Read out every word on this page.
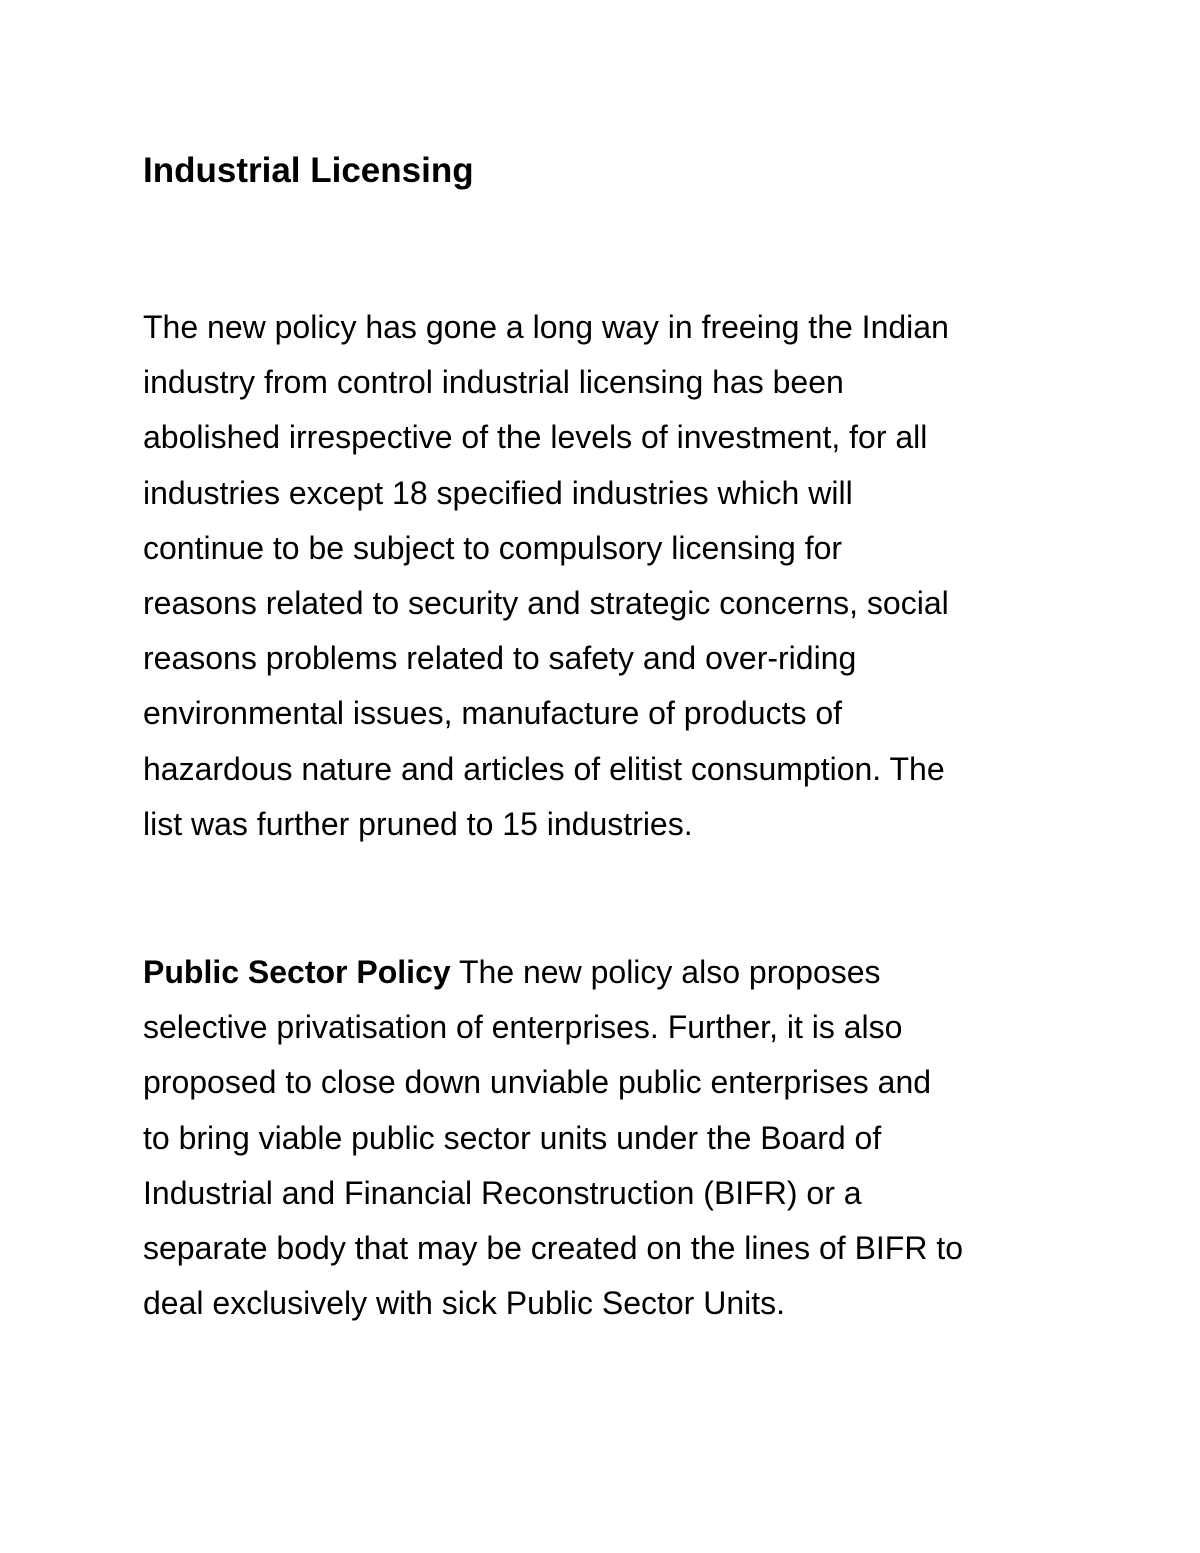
Industrial Licensing
The new policy has gone a long way in freeing the Indian
industry from control industrial licensing has been
abolished irrespective of the levels of investment, for all
industries except 18 specified industries which will
continue to be subject to compulsory licensing for
reasons related to security and strategic concerns, social
reasons problems related to safety and over-riding
environmental issues, manufacture of products of
hazardous nature and articles of elitist consumption. The
list was further pruned to 15 industries.
Public Sector Policy The new policy also proposes
selective privatisation of enterprises. Further, it is also
proposed to close down unviable public enterprises and
to bring viable public sector units under the Board of
Industrial and Financial Reconstruction (BIFR) or a
separate body that may be created on the lines of BIFR to
deal exclusively with sick Public Sector Units.
